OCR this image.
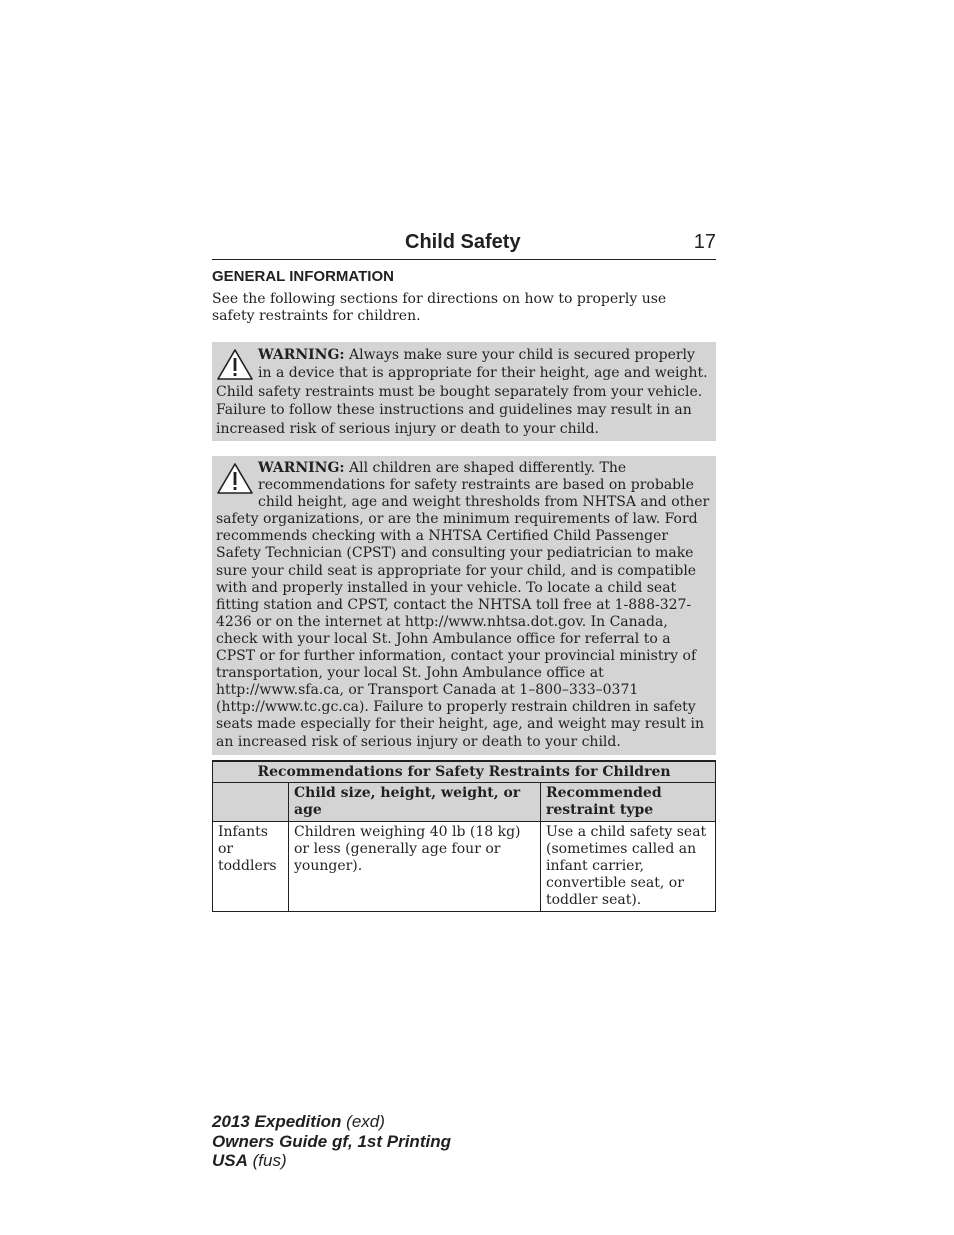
Child Safety	17
GENERAL INFORMATION
See the following sections for directions on how to properly use safety restraints for children.
WARNING: Always make sure your child is secured properly in a device that is appropriate for their height, age and weight. Child safety restraints must be bought separately from your vehicle. Failure to follow these instructions and guidelines may result in an increased risk of serious injury or death to your child.
WARNING: All children are shaped differently. The recommendations for safety restraints are based on probable child height, age and weight thresholds from NHTSA and other safety organizations, or are the minimum requirements of law. Ford recommends checking with a NHTSA Certified Child Passenger Safety Technician (CPST) and consulting your pediatrician to make sure your child seat is appropriate for your child, and is compatible with and properly installed in your vehicle. To locate a child seat fitting station and CPST, contact the NHTSA toll free at 1-888-327-4236 or on the internet at http://www.nhtsa.dot.gov. In Canada, check with your local St. John Ambulance office for referral to a CPST or for further information, contact your provincial ministry of transportation, your local St. John Ambulance office at http://www.sfa.ca, or Transport Canada at 1–800–333–0371 (http://www.tc.gc.ca). Failure to properly restrain children in safety seats made especially for their height, age, and weight may result in an increased risk of serious injury or death to your child.
Recommendations for Safety Restraints for Children		
	Child size, height, weight, or age	Recommended restraint type
Infants or toddlers	Children weighing 40 lb (18 kg) or less (generally age four or younger).	Use a child safety seat (sometimes called an infant carrier, convertible seat, or toddler seat).
2013 Expedition (exd)
Owners Guide gf, 1st Printing
USA (fus)
